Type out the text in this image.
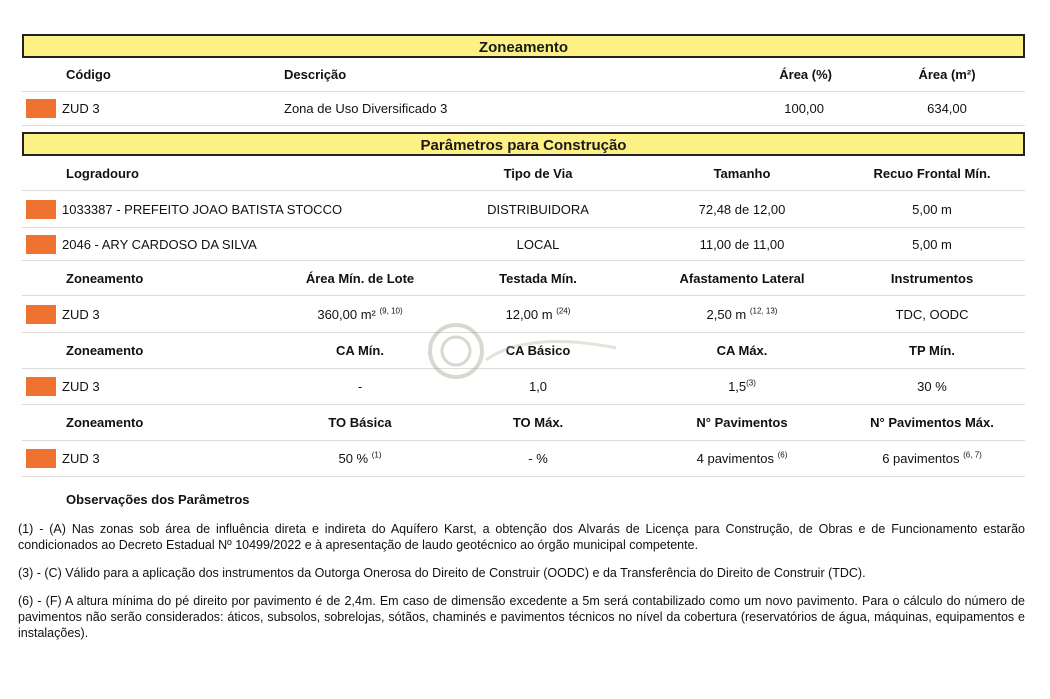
Zoneamento
Código	Descrição	Área (%)	Área (m²)
ZUD 3	Zona de Uso Diversificado 3	100,00	634,00
Parâmetros para Construção
Logradouro	Tipo de Via	Tamanho	Recuo Frontal Mín.
1033387 - PREFEITO JOAO BATISTA STOCCO	DISTRIBUIDORA	72,48 de 12,00	5,00 m
2046 - ARY CARDOSO DA SILVA	LOCAL	11,00 de 11,00	5,00 m
Zoneamento	Área Mín. de Lote	Testada Mín.	Afastamento Lateral	Instrumentos
ZUD 3	360,00 m² $^{(9, 10)}$	12,00 m $^{(24)}$	2,50 m $^{(12, 13)}$	TDC, OODC
Zoneamento	CA Mín.	CA Básico	CA Máx.	TP Mín.
ZUD 3	-	1,0	1,5$^{(3)}$	30 %
Zoneamento	TO Básica	TO Máx.	N° Pavimentos	N° Pavimentos Máx.
ZUD 3	50 % $^{(1)}$	- %	4 pavimentos $^{(6)}$	6 pavimentos $^{(6, 7)}$
Observações dos Parâmetros

(1) - (A) Nas zonas sob área de influência direta e indireta do Aquífero Karst, a obtenção dos Alvarás de Licença para Construção, de Obras e de Funcionamento estarão condicionados ao Decreto Estadual Nº 10499/2022 e à apresentação de laudo geotécnico ao órgão municipal competente.

(3) - (C) Válido para a aplicação dos instrumentos da Outorga Onerosa do Direito de Construir (OODC) e da Transferência do Direito de Construir (TDC).

(6) - (F) A altura mínima do pé direito por pavimento é de 2,4m. Em caso de dimensão excedente a 5m será contabilizado como um novo pavimento. Para o cálculo do número de pavimentos não serão considerados: áticos, subsolos, sobrelojas, sótãos, chaminés e pavimentos técnicos no nível da cobertura (reservatórios de água, máquinas, equipamentos e instalações).
